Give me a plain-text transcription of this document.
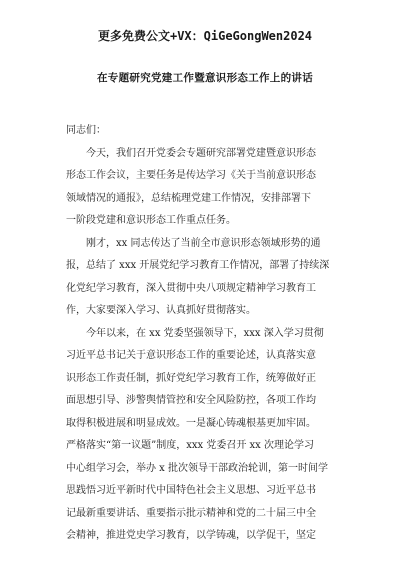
更多免费公文+VX：QiGeGongWen2024
在专题研究党建工作暨意识形态工作上的讲话
同志们：
今天，我们召开党委会专题研究部署党建暨意识形态
形态工作会议，主要任务是传达学习《关于当前意识形态
领域情况的通报》，总结梳理党建工作情况，安排部署下
一阶段党建和意识形态工作重点任务。
刚才，xx 同志传达了当前全市意识形态领域形势的通
报，总结了 xxx 开展党纪学习教育工作情况，部署了持续深
化党纪学习教育，深入贯彻中央八项规定精神学习教育工
作，大家要深入学习、认真抓好贯彻落实。
今年以来，在 xx 党委坚强领导下，xxx 深入学习贯彻
习近平总书记关于意识形态工作的重要论述，认真落实意
识形态工作责任制，抓好党纪学习教育工作，统筹做好正
面思想引导、涉警舆情管控和安全风险防控，各项工作均
取得积极进展和明显成效。一是凝心铸魂根基更加牢固。
严格落实“第一议题”制度，xxx 党委召开 xx 次理论学习
中心组学习会，举办 x 批次领导干部政治轮训，第一时间学
思践悟习近平新时代中国特色社会主义思想、习近平总书
记最新重要讲话、重要指示批示精神和党的二十届三中全
会精神，推进党史学习教育，以学铸魂，以学促干，坚定
